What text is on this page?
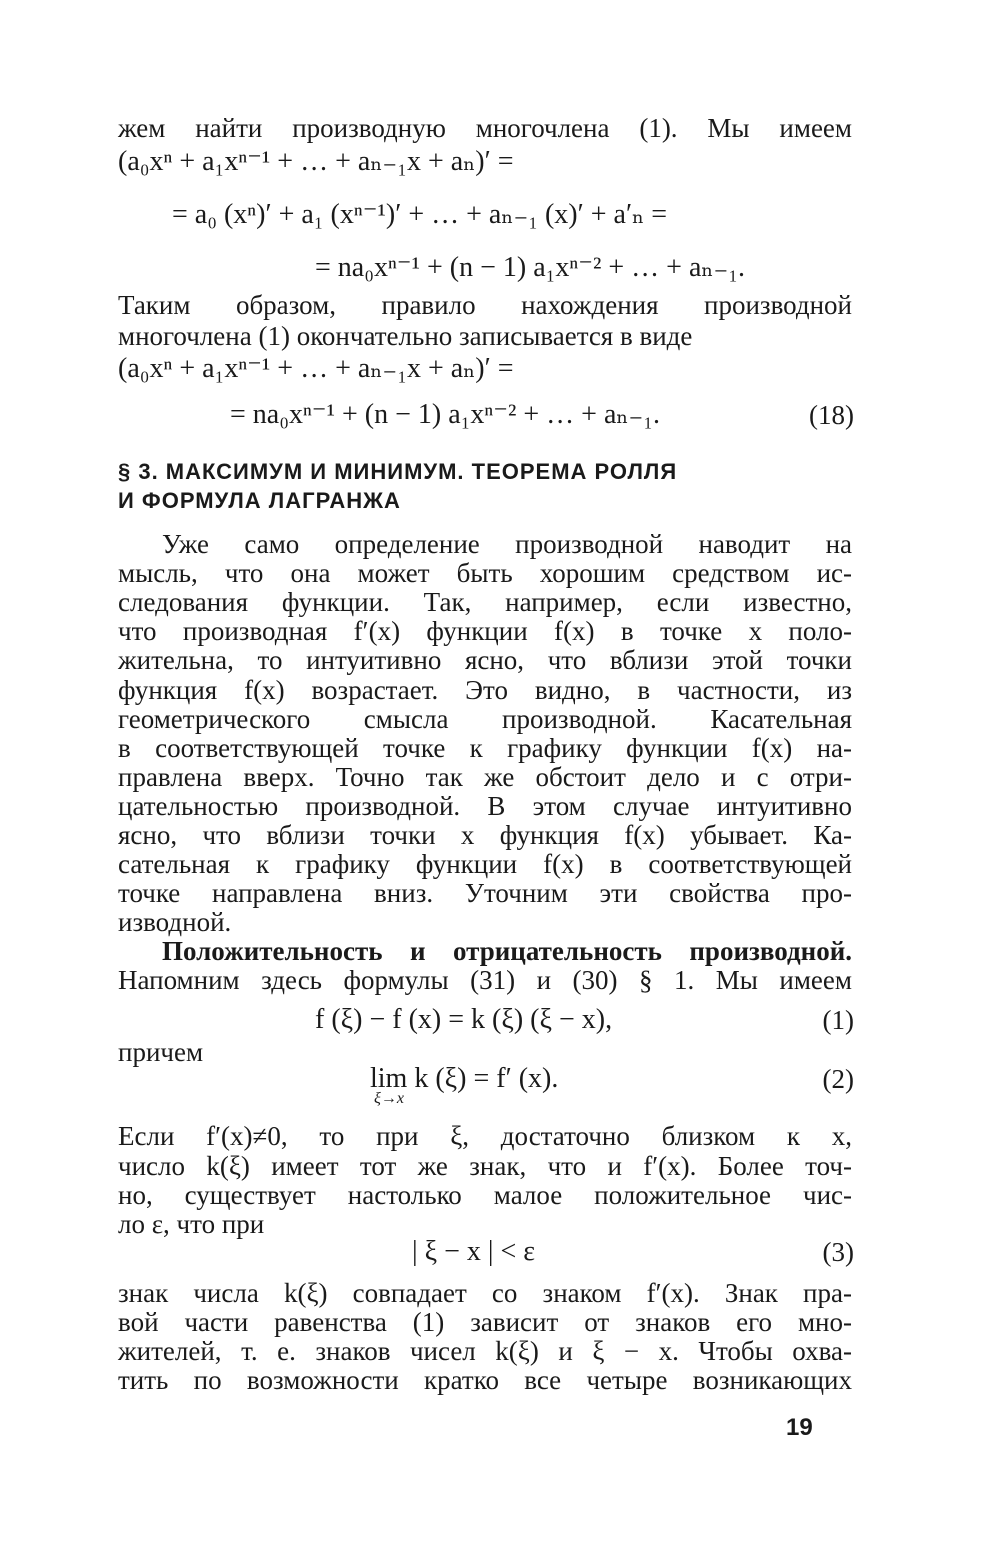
жем найти производную многочлена (1). Мы имеем
(a₀xⁿ + a₁xⁿ⁻¹ + … + aₙ₋₁x + aₙ)′ =
= a₀ (xⁿ)′ + a₁ (xⁿ⁻¹)′ + … + aₙ₋₁ (x)′ + a′ₙ =
= na₀xⁿ⁻¹ + (n − 1) a₁xⁿ⁻² + … + aₙ₋₁.
Таким образом, правило нахождения производной
многочлена (1) окончательно записывается в виде
(a₀xⁿ + a₁xⁿ⁻¹ + … + aₙ₋₁x + aₙ)′ =
= na₀xⁿ⁻¹ + (n − 1) a₁xⁿ⁻² + … + aₙ₋₁.	(18)
§ 3. МАКСИМУМ И МИНИМУМ. ТЕОРЕМА РОЛЛЯ
И ФОРМУЛА ЛАГРАНЖА
Уже само определение производной наводит на
мысль, что она может быть хорошим средством ис-
следования функции. Так, например, если известно,
что производная f′(x) функции f(x) в точке x поло-
жительна, то интуитивно ясно, что вблизи этой точки
функция f(x) возрастает. Это видно, в частности, из
геометрического смысла производной. Касательная
в соответствующей точке к графику функции f(x) на-
правлена вверх. Точно так же обстоит дело и с отри-
цательностью производной. В этом случае интуитивно
ясно, что вблизи точки x функция f(x) убывает. Ка-
сательная к графику функции f(x) в соответствующей
точке направлена вниз. Уточним эти свойства про-
изводной.
Положительность и отрицательность производной.
Напомним здесь формулы (31) и (30) § 1. Мы имеем
f (ξ) − f (x) = k (ξ) (ξ − x),	(1)
причем
lim k (ξ) = f′ (x).
ξ→x
(2)
Если f′(x)≠0, то при ξ, достаточно близком к x,
число k(ξ) имеет тот же знак, что и f′(x). Более точ-
но, существует настолько малое положительное чис-
ло ε, что при
| ξ − x | < ε	(3)
знак числа k(ξ) совпадает со знаком f′(x). Знак пра-
вой части равенства (1) зависит от знаков его мно-
жителей, т. е. знаков чисел k(ξ) и ξ − x. Чтобы охва-
тить по возможности кратко все четыре возникающих
19
